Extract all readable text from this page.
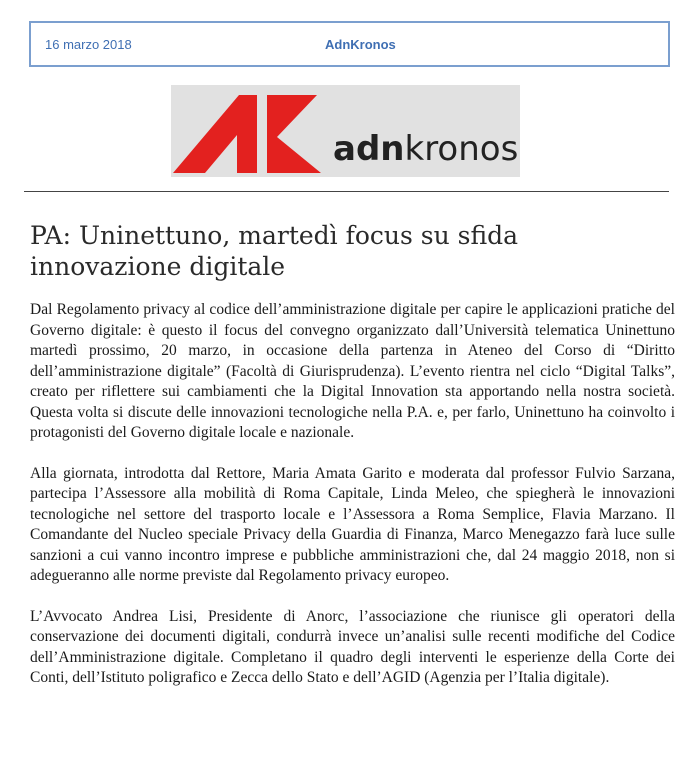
16 marzo 2018	AdnKronos
adnkronos
PA: Uninettuno, martedì focus su sfida innovazione digitale

Dal Regolamento privacy al codice dell’amministrazione digitale per capire le applicazioni pratiche del Governo digitale: è questo il focus del convegno organizzato dall’Università telematica Uninettuno martedì prossimo, 20 marzo, in occasione della partenza in Ateneo del Corso di “Diritto dell’amministrazione digitale” (Facoltà di Giurisprudenza). L’evento rientra nel ciclo “Digital Talks”, creato per riflettere sui cambiamenti che la Digital Innovation sta apportando nella nostra società. Questa volta si discute delle innovazioni tecnologiche nella P.A. e, per farlo, Uninettuno ha coinvolto i protagonisti del Governo digitale locale e nazionale.

Alla giornata, introdotta dal Rettore, Maria Amata Garito e moderata dal professor Fulvio Sarzana, partecipa l’Assessore alla mobilità di Roma Capitale, Linda Meleo, che spiegherà le innovazioni tecnologiche nel settore del trasporto locale e l’Assessora a Roma Semplice, Flavia Marzano. Il Comandante del Nucleo speciale Privacy della Guardia di Finanza, Marco Menegazzo farà luce sulle sanzioni a cui vanno incontro imprese e pubbliche amministrazioni che, dal 24 maggio 2018, non si adegueranno alle norme previste dal Regolamento privacy europeo.

L’Avvocato Andrea Lisi, Presidente di Anorc, l’associazione che riunisce gli operatori della conservazione dei documenti digitali, condurrà invece un’analisi sulle recenti modifiche del Codice dell’Amministrazione digitale. Completano il quadro degli interventi le esperienze della Corte dei Conti, dell’Istituto poligrafico e Zecca dello Stato e dell’AGID (Agenzia per l’Italia digitale).
